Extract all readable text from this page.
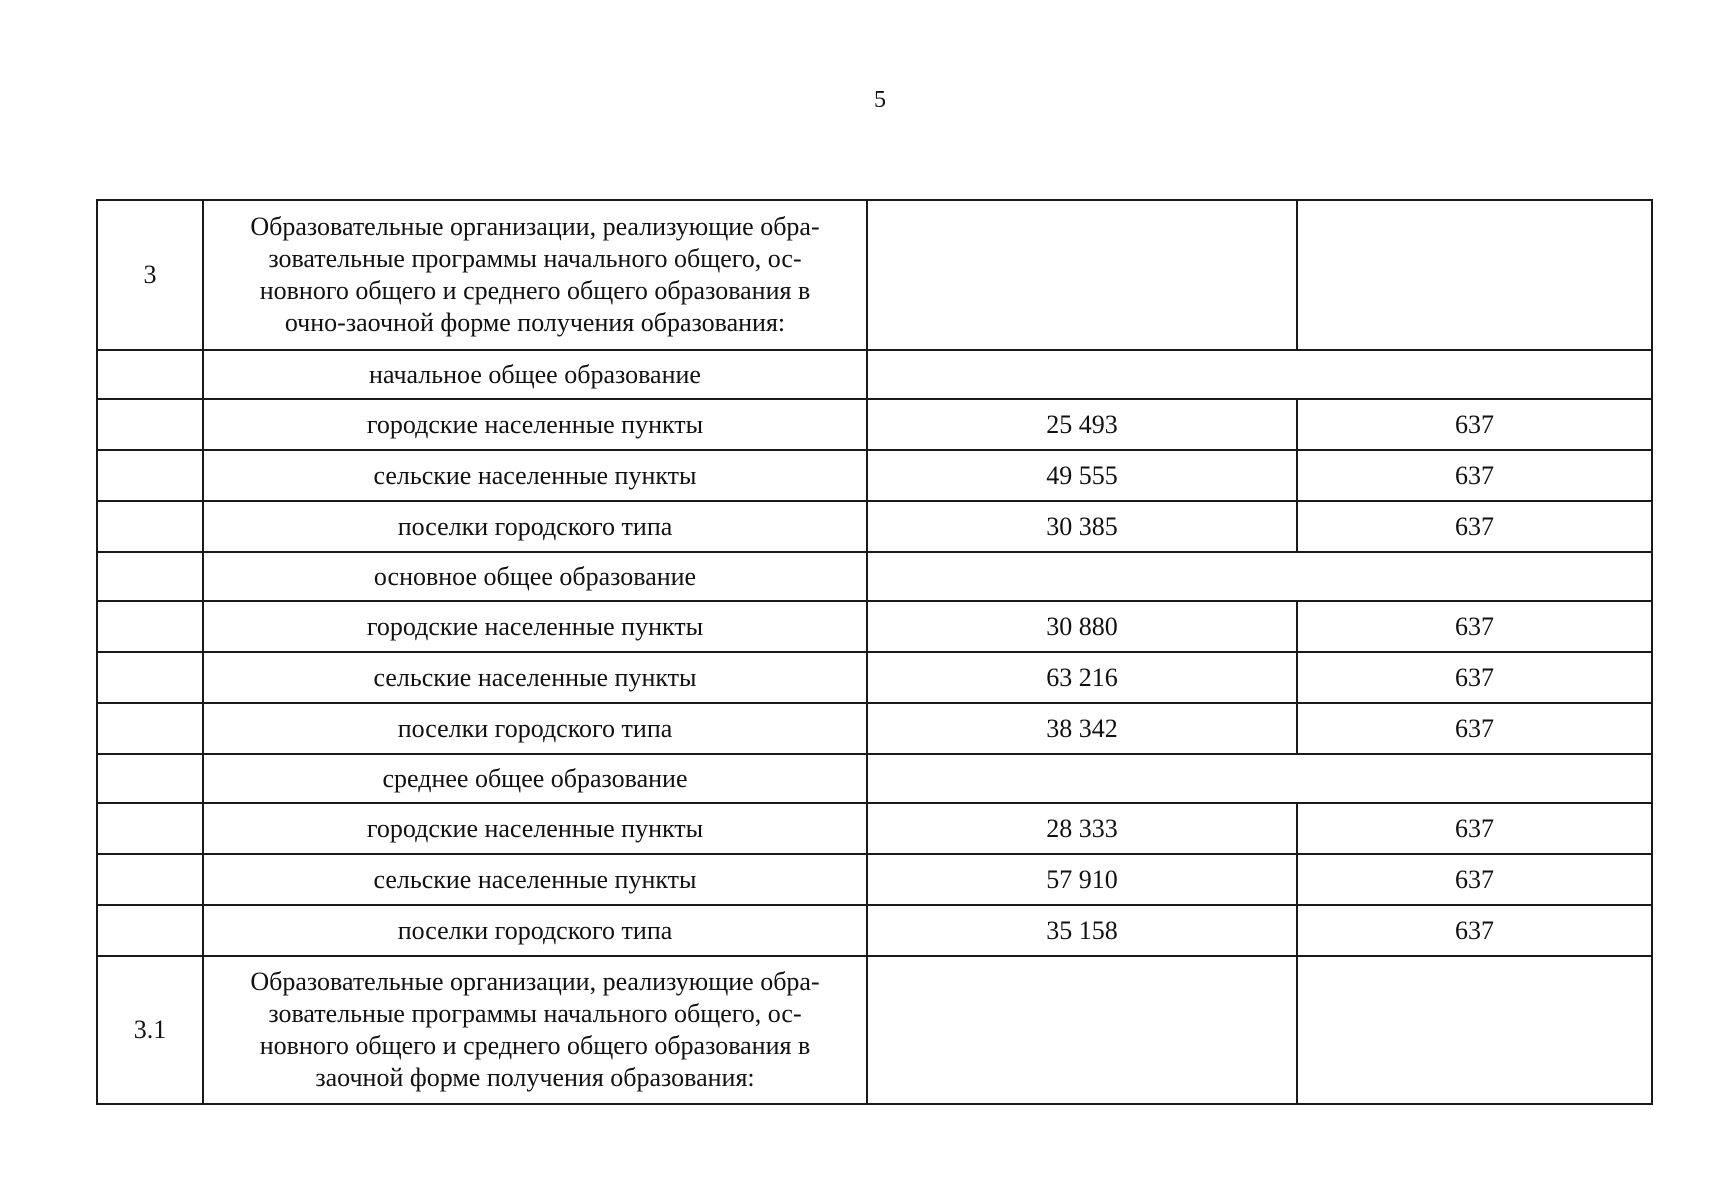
5
3	Образовательные организации, реализующие обра-
зовательные программы начального общего, ос-
новного общего и среднего общего образования в
очно-заочной форме получения образования:		

	начальное общее образование		
	городские населенные пункты	25 493	637
	сельские населенные пункты	49 555	637
	поселки городского типа	30 385	637
	основное общее образование		
	городские населенные пункты	30 880	637
	сельские населенные пункты	63 216	637
	поселки городского типа	38 342	637
	среднее общее образование		
	городские населенные пункты	28 333	637
	сельские населенные пункты	57 910	637
	поселки городского типа	35 158	637
3.1	Образовательные организации, реализующие обра-
зовательные программы начального общего, ос-
новного общего и среднего общего образования в
заочной форме получения образования:		
